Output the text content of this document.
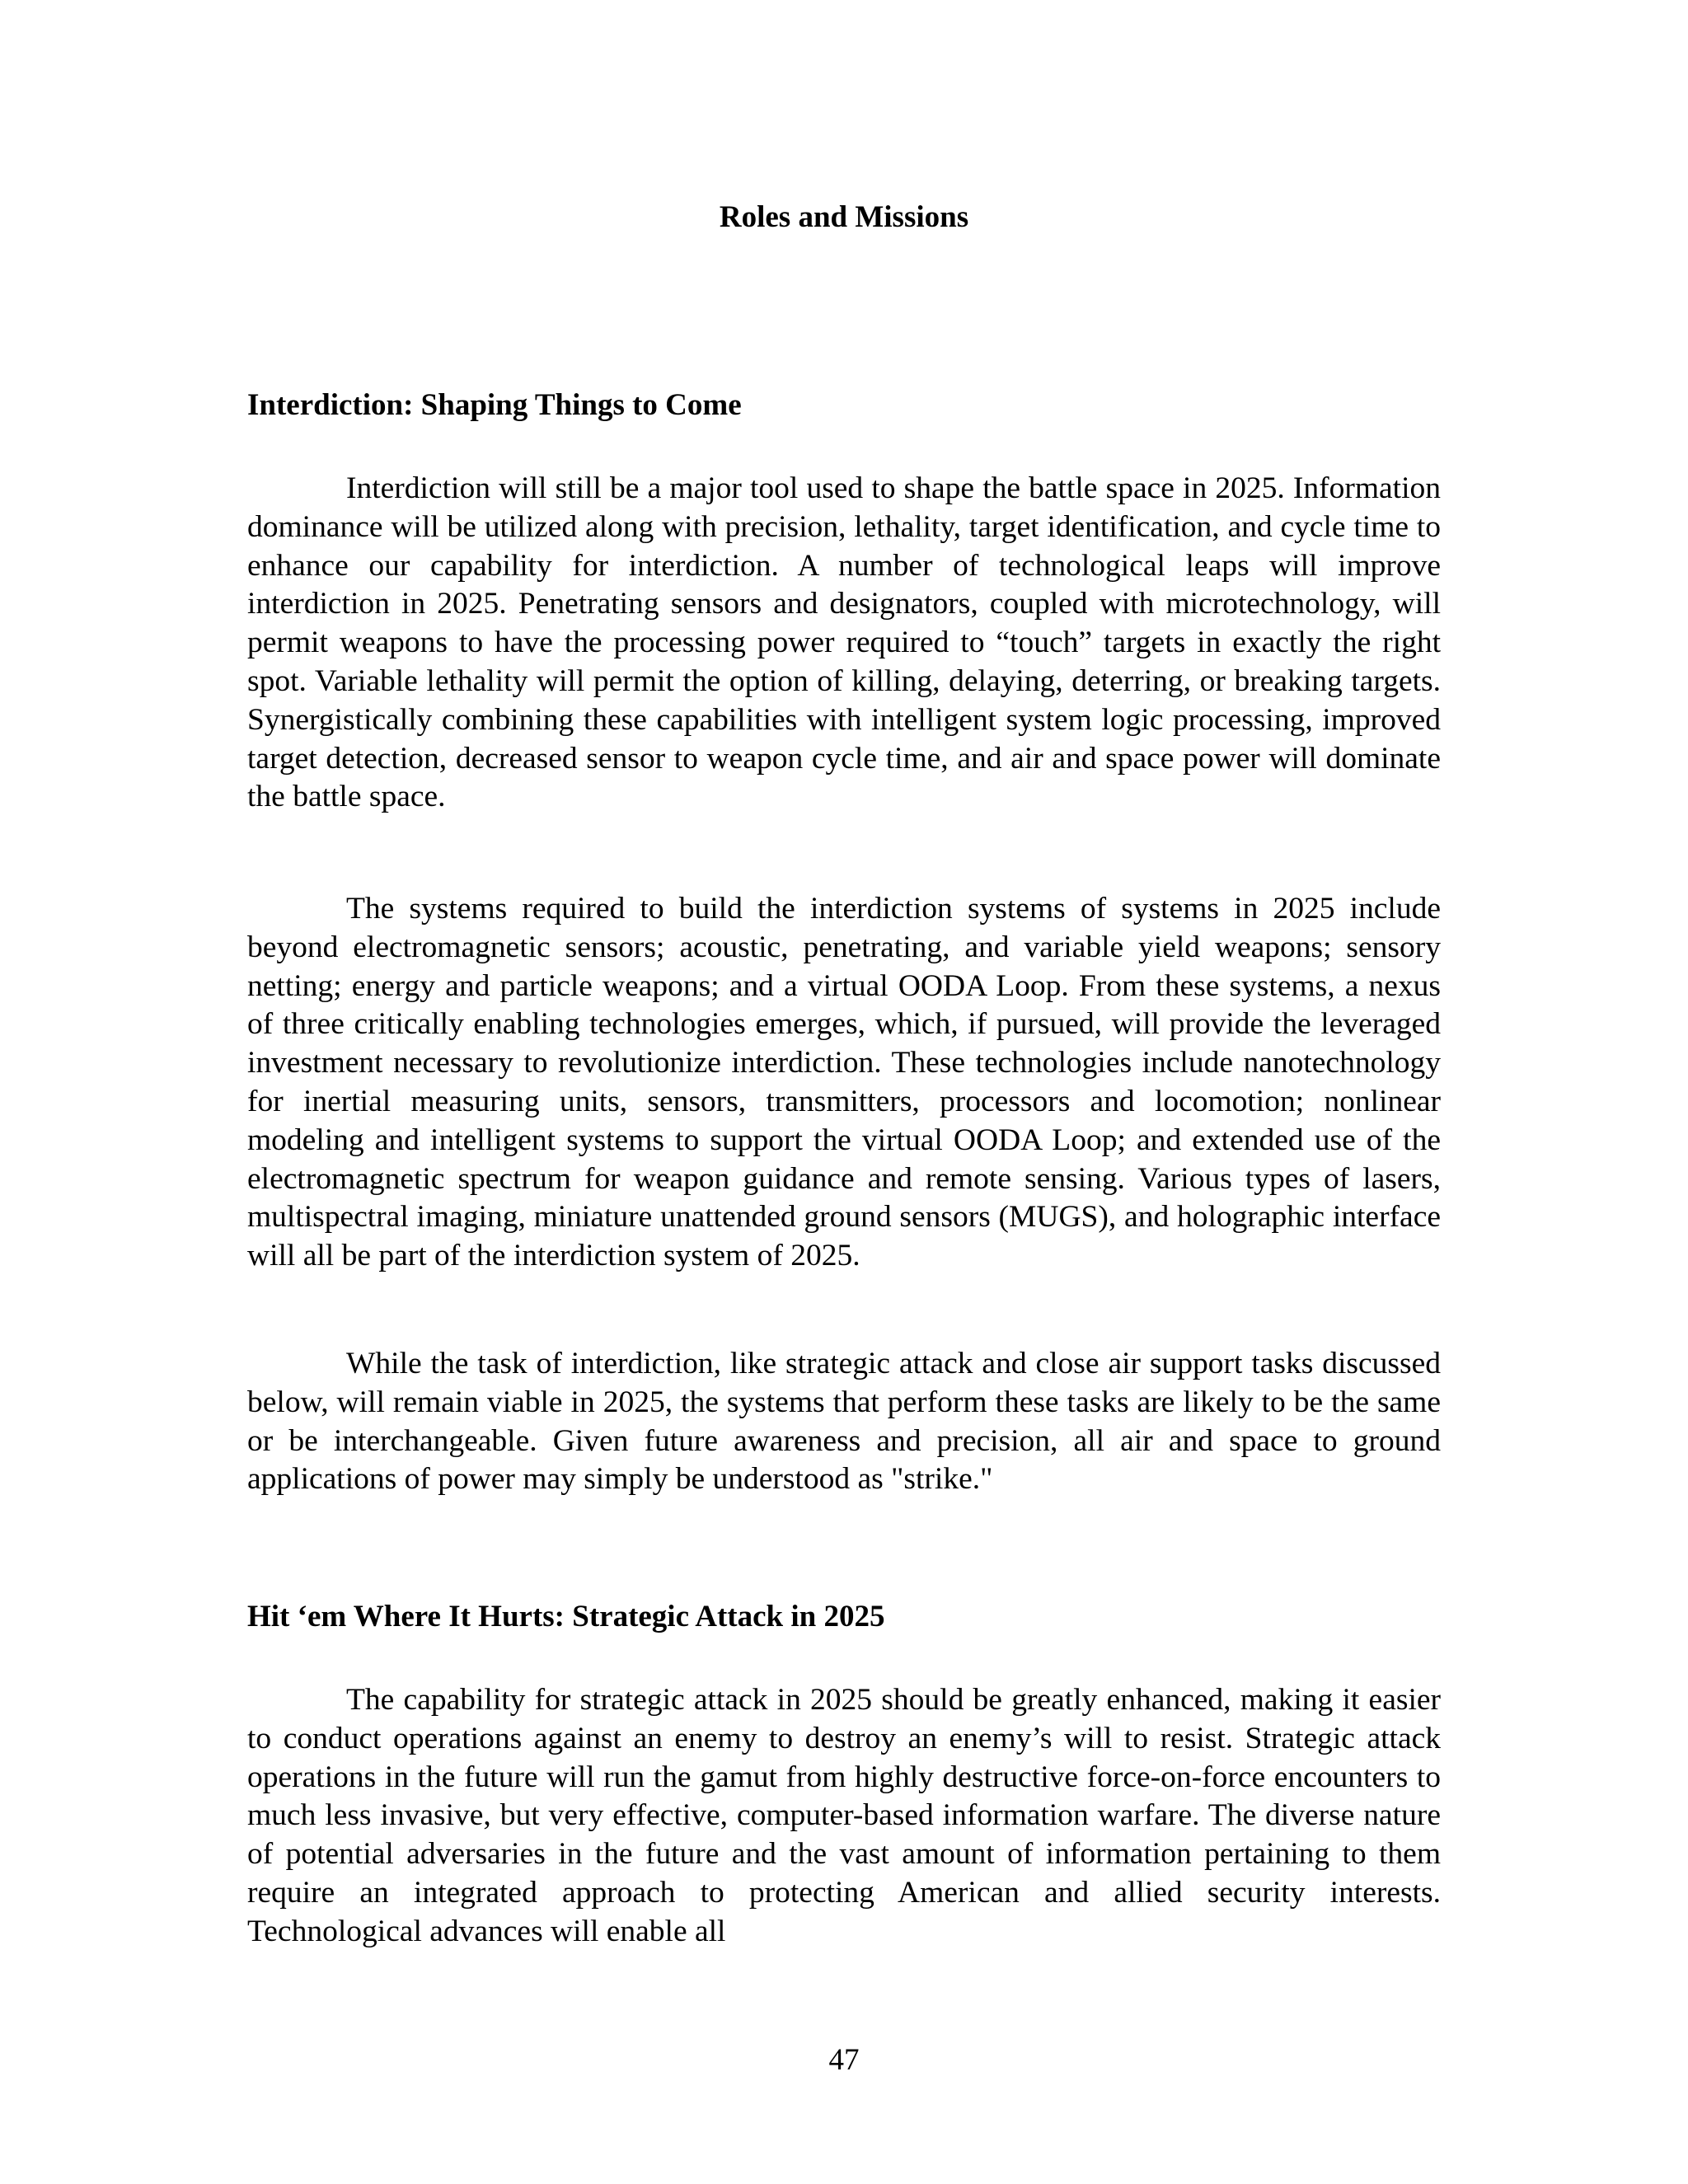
Roles and Missions
Interdiction: Shaping Things to Come

Interdiction will still be a major tool used to shape the battle space in 2025. Information dominance will be utilized along with precision, lethality, target identification, and cycle time to enhance our capability for interdiction. A number of technological leaps will improve interdiction in 2025. Penetrating sensors and designators, coupled with microtechnology, will permit weapons to have the processing power required to “touch” targets in exactly the right spot. Variable lethality will permit the option of killing, delaying, deterring, or breaking targets. Synergistically combining these capabilities with intelligent system logic processing, improved target detection, decreased sensor to weapon cycle time, and air and space power will dominate the battle space.

The systems required to build the interdiction systems of systems in 2025 include beyond electromagnetic sensors; acoustic, penetrating, and variable yield weapons; sensory netting; energy and particle weapons; and a virtual OODA Loop. From these systems, a nexus of three critically enabling technologies emerges, which, if pursued, will provide the leveraged investment necessary to revolutionize interdiction. These technologies include nanotechnology for inertial measuring units, sensors, transmitters, processors and locomotion; nonlinear modeling and intelligent systems to support the virtual OODA Loop; and extended use of the electromagnetic spectrum for weapon guidance and remote sensing. Various types of lasers, multispectral imaging, miniature unattended ground sensors (MUGS), and holographic interface will all be part of the interdiction system of 2025.

While the task of interdiction, like strategic attack and close air support tasks discussed below, will remain viable in 2025, the systems that perform these tasks are likely to be the same or be interchangeable. Given future awareness and precision, all air and space to ground applications of power may simply be understood as "strike."

Hit ‘em Where It Hurts: Strategic Attack in 2025

The capability for strategic attack in 2025 should be greatly enhanced, making it easier to conduct operations against an enemy to destroy an enemy’s will to resist. Strategic attack operations in the future will run the gamut from highly destructive force-on-force encounters to much less invasive, but very effective, computer-based information warfare. The diverse nature of potential adversaries in the future and the vast amount of information pertaining to them require an integrated approach to protecting American and allied security interests. Technological advances will enable all

47
